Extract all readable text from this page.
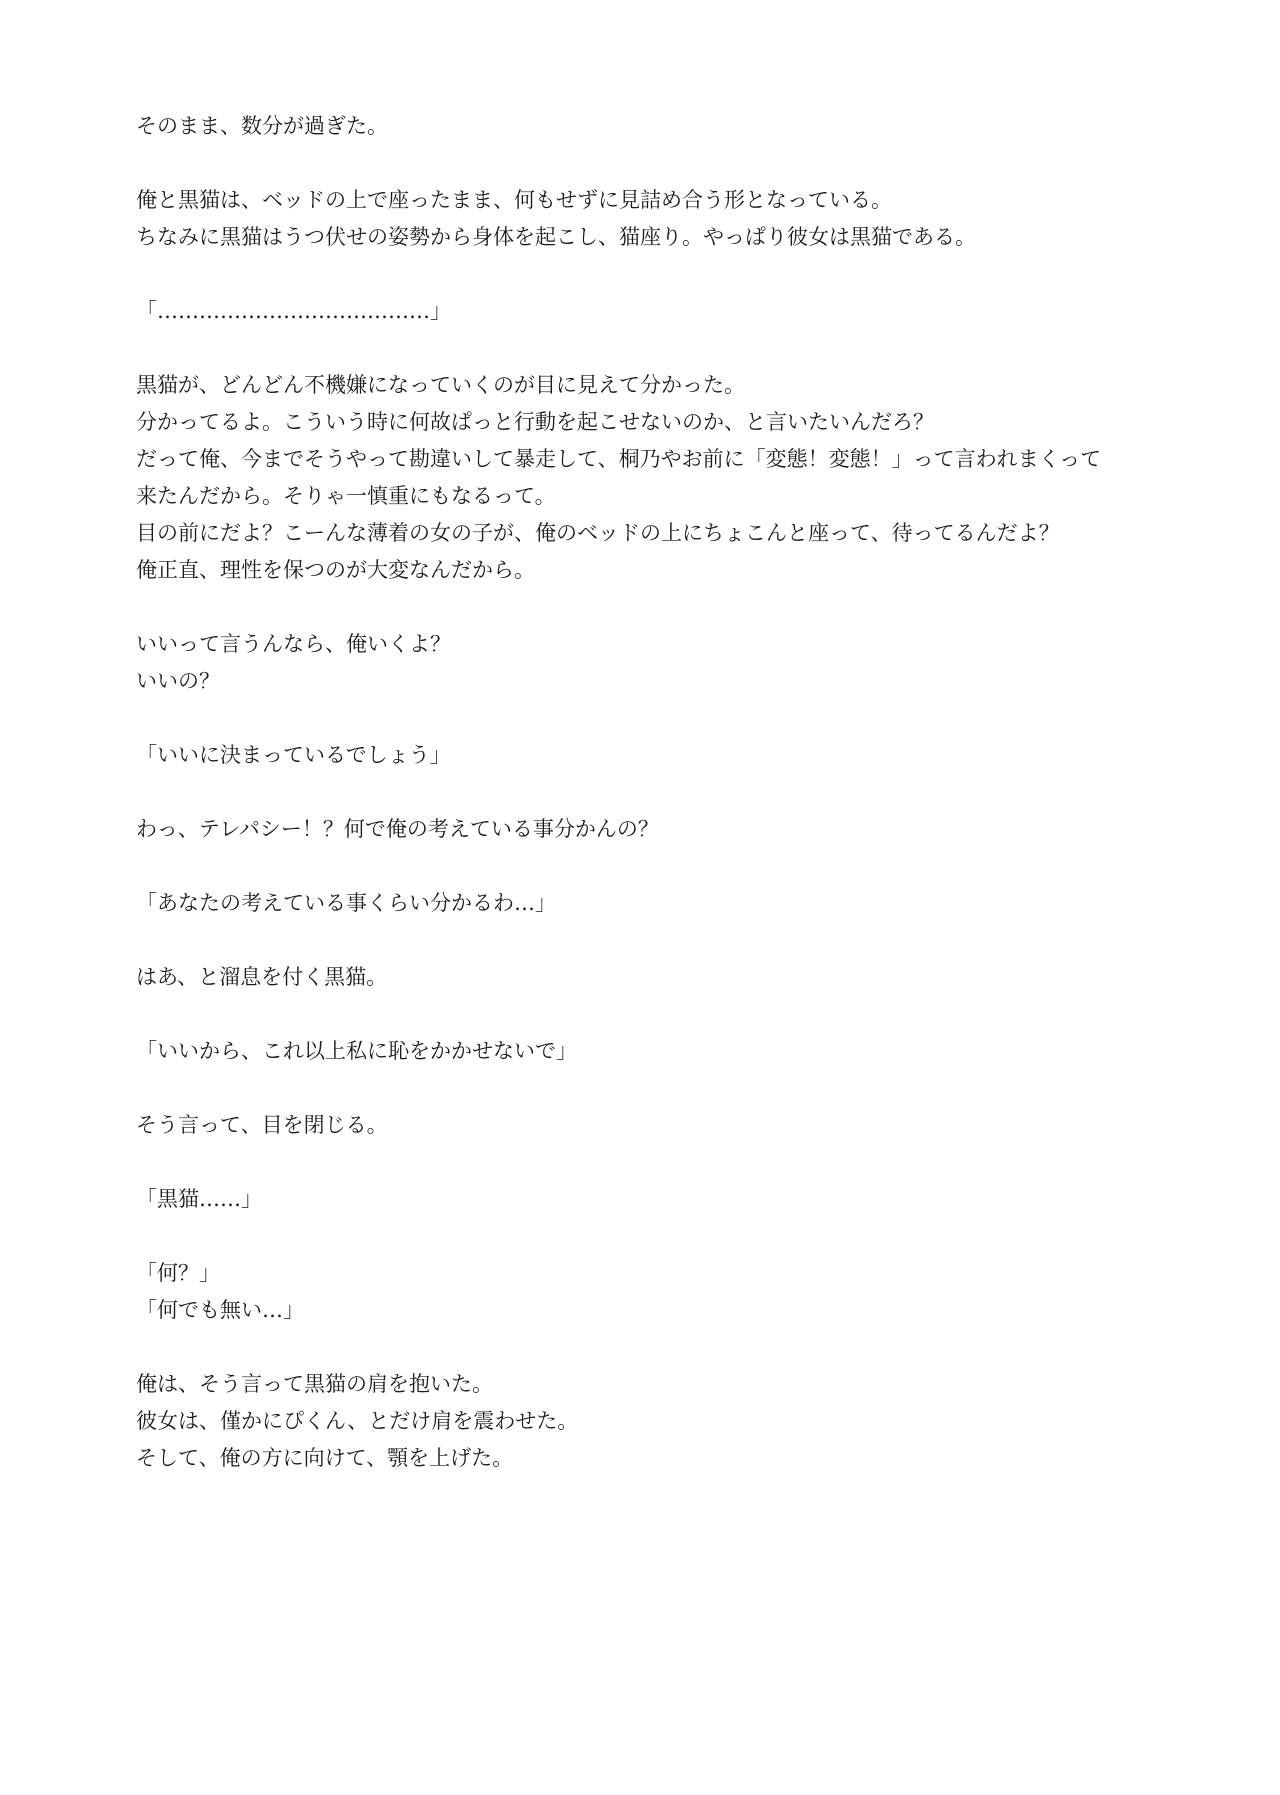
そのまま、数分が過ぎた。
俺と黒猫は、ベッドの上で座ったまま、何もせずに見詰め合う形となっている。
ちなみに黒猫はうつ伏せの姿勢から身体を起こし、猫座り。やっぱり彼女は黒猫である。
「…………………………………」
黒猫が、どんどん不機嫌になっていくのが目に見えて分かった。
分かってるよ。こういう時に何故ぱっと行動を起こせないのか、と言いたいんだろ？
だって俺、今までそうやって勘違いして暴走して、桐乃やお前に「変態！変態！」って言われまくって
来たんだから。そりゃ一慎重にもなるって。
目の前にだよ？こーんな薄着の女の子が、俺のベッドの上にちょこんと座って、待ってるんだよ？
俺正直、理性を保つのが大変なんだから。
いいって言うんなら、俺いくよ？
いいの？
「いいに決まっているでしょう」
わっ、テレパシー！？何で俺の考えている事分かんの？
「あなたの考えている事くらい分かるわ…」
はあ、と溜息を付く黒猫。
「いいから、これ以上私に恥をかかせないで」
そう言って、目を閉じる。
「黒猫……」
「何？」
「何でも無い…」
俺は、そう言って黒猫の肩を抱いた。
彼女は、僅かにぴくん、とだけ肩を震わせた。
そして、俺の方に向けて、顎を上げた。
